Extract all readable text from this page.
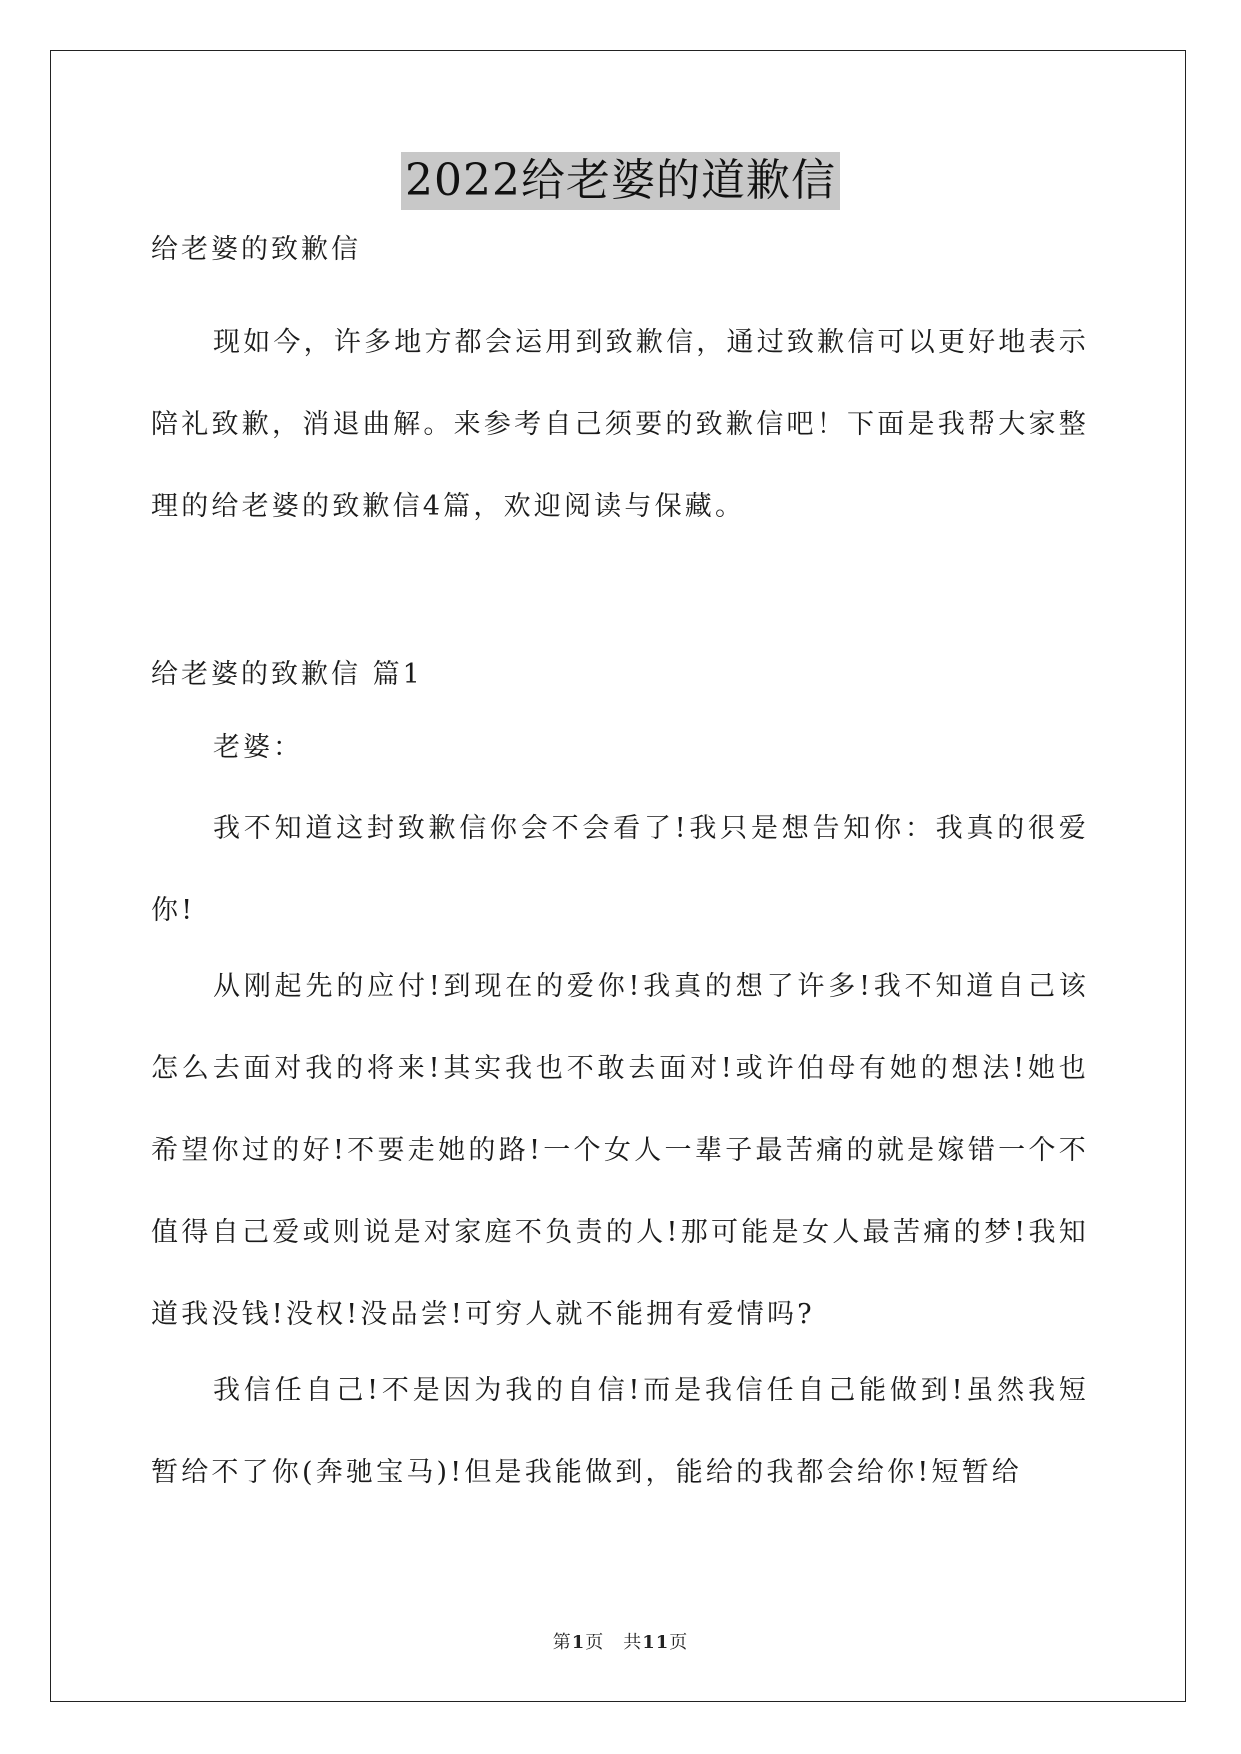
2022给老婆的道歉信
给老婆的致歉信

现如今，许多地方都会运用到致歉信，通过致歉信可以更好地表示陪礼致歉，消退曲解。来参考自己须要的致歉信吧！下面是我帮大家整理的给老婆的致歉信4篇，欢迎阅读与保藏。

给老婆的致歉信 篇1
老婆：

我不知道这封致歉信你会不会看了!我只是想告知你：我真的很爱你!

从刚起先的应付!到现在的爱你!我真的想了许多!我不知道自己该怎么去面对我的将来!其实我也不敢去面对!或许伯母有她的想法!她也希望你过的好!不要走她的路!一个女人一辈子最苦痛的就是嫁错一个不值得自己爱或则说是对家庭不负责的人!那可能是女人最苦痛的梦!我知道我没钱!没权!没品尝!可穷人就不能拥有爱情吗?

我信任自己!不是因为我的自信!而是我信任自己能做到!虽然我短暂给不了你(奔驰宝马)!但是我能做到，能给的我都会给你!短暂给

第1页　共11页
